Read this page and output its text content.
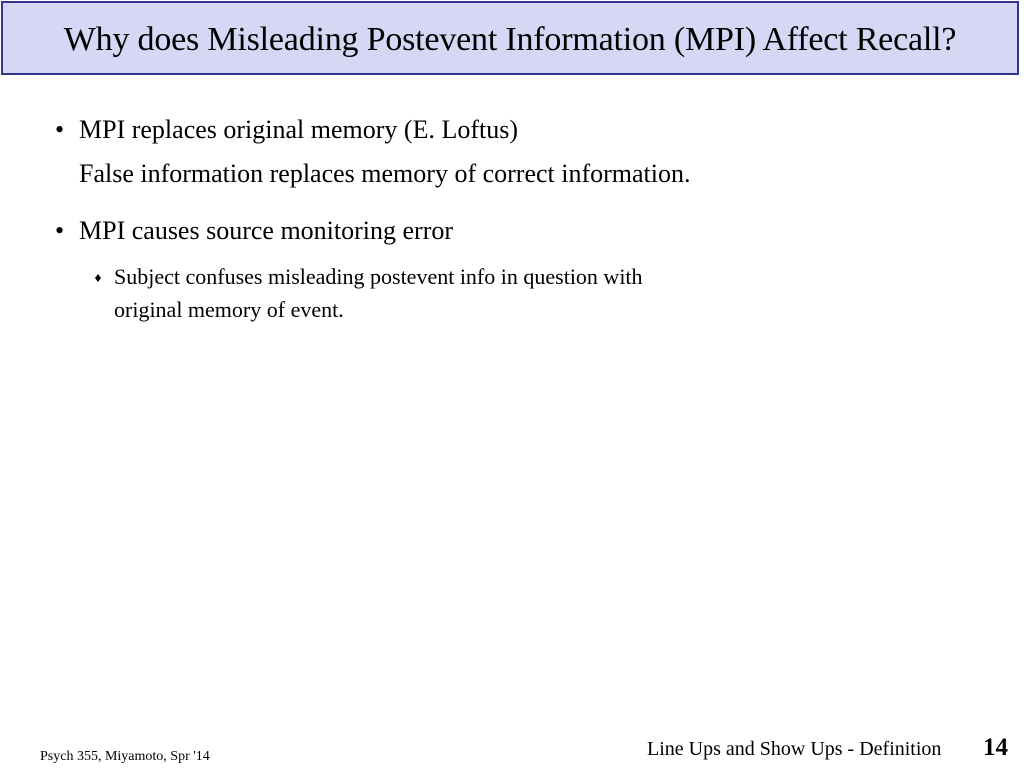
Why does Misleading Postevent Information (MPI) Affect Recall?
• MPI replaces original memory (E. Loftus)
False information replaces memory of correct information.
• MPI causes source monitoring error
Subject confuses misleading postevent info in question with
original memory of event.
Psych 355, Miyamoto, Spr '14	Line Ups and Show Ups - Definition 14
